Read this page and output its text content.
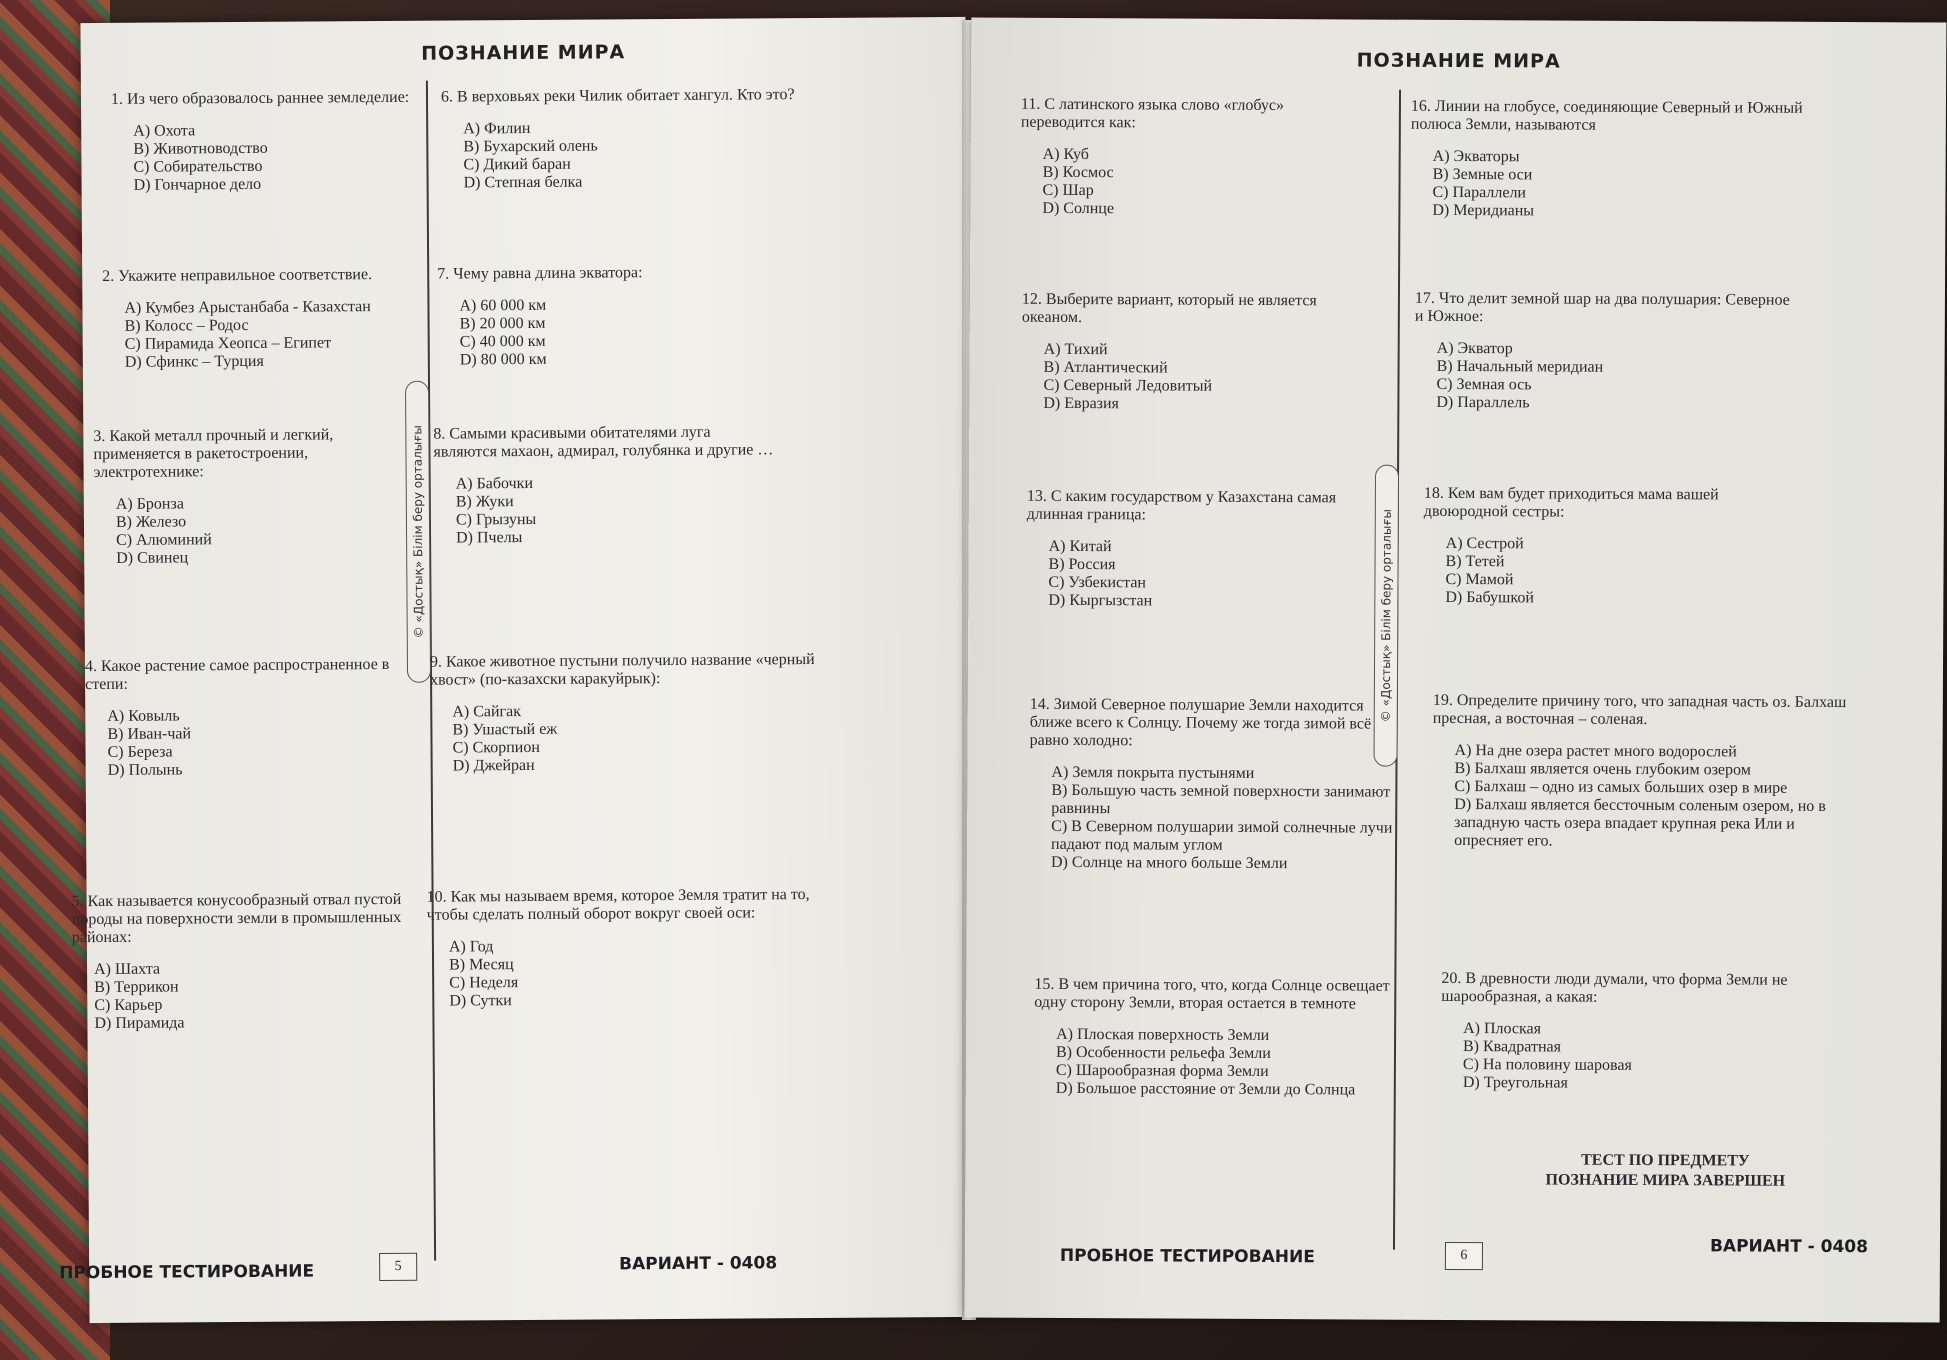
ПОЗНАНИЕ МИРА
© «Достық» Білім беру орталығы
1. Из чего образовалось раннее земледелие:
A) Охота
B) Животноводство
C) Собирательство
D) Гончарное дело
2. Укажите неправильное соответствие.
A) Кумбез Арыстанбаба - Казахстан
B) Колосс – Родос
C) Пирамида Хеопса – Египет
D) Сфинкс – Турция
3. Какой металл прочный и легкий, применяется в ракетостроении, электротехнике:
A) Бронза
B) Железо
C) Алюминий
D) Свинец
4. Какое растение самое распространенное в степи:
A) Ковыль
B) Иван-чай
C) Береза
D) Полынь
5. Как называется конусообразный отвал пустой породы на поверхности земли в промышленных районах:
A) Шахта
B) Террикон
C) Карьер
D) Пирамида
6. В верховьях реки Чилик обитает хангул. Кто это?
A) Филин
B) Бухарский олень
C) Дикий баран
D) Степная белка
7. Чему равна длина экватора:
A) 60 000 км
B) 20 000 км
C) 40 000 км
D) 80 000 км
8. Самыми красивыми обитателями луга являются махаон, адмирал, голубянка и другие …
A) Бабочки
B) Жуки
C) Грызуны
D) Пчелы
9. Какое животное пустыни получило название «черный хвост» (по-казахски каракуйрык):
A) Сайгак
B) Ушастый еж
C) Скорпион
D) Джейран
10. Как мы называем время, которое Земля тратит на то, чтобы сделать полный оборот вокруг своей оси:
A) Год
B) Месяц
C) Неделя
D) Сутки
ПРОБНОЕ ТЕСТИРОВАНИЕ	5	ВАРИАНТ - 0408
ПОЗНАНИЕ МИРА
© «Достық» Білім беру орталығы
11. С латинского языка слово «глобус» переводится как:
A) Куб
B) Космос
C) Шар
D) Солнце
12. Выберите вариант, который не является океаном.
A) Тихий
B) Атлантический
C) Северный Ледовитый
D) Евразия
13. С каким государством у Казахстана самая длинная граница:
A) Китай
B) Россия
C) Узбекистан
D) Кыргызстан
14. Зимой Северное полушарие Земли находится ближе всего к Солнцу. Почему же тогда зимой всё равно холодно:
A) Земля покрыта пустынями
B) Большую часть земной поверхности занимают равнины
C) В Северном полушарии зимой солнечные лучи падают под малым углом
D) Солнце на много больше Земли
15. В чем причина того, что, когда Солнце освещает одну сторону Земли, вторая остается в темноте
A) Плоская поверхность Земли
B) Особенности рельефа Земли
C) Шарообразная форма Земли
D) Большое расстояние от Земли до Солнца
16. Линии на глобусе, соединяющие Северный и Южный полюса Земли, называются
A) Экваторы
B) Земные оси
C) Параллели
D) Меридианы
17. Что делит земной шар на два полушария: Северное и Южное:
A) Экватор
B) Начальный меридиан
C) Земная ось
D) Параллель
18. Кем вам будет приходиться мама вашей двоюродной сестры:
A) Сестрой
B) Тетей
C) Мамой
D) Бабушкой
19. Определите причину того, что западная часть оз. Балхаш пресная, а восточная – соленая.
A) На дне озера растет много водорослей
B) Балхаш является очень глубоким озером
C) Балхаш – одно из самых больших озер в мире
D) Балхаш является бессточным соленым озером, но в западную часть озера впадает крупная река Или и опресняет его.
20. В древности люди думали, что форма Земли не шарообразная, а какая:
A) Плоская
B) Квадратная
C) На половину шаровая
D) Треугольная
ТЕСТ ПО ПРЕДМЕТУ
ПОЗНАНИЕ МИРА ЗАВЕРШЕН
ПРОБНОЕ ТЕСТИРОВАНИЕ	6	ВАРИАНТ - 0408
